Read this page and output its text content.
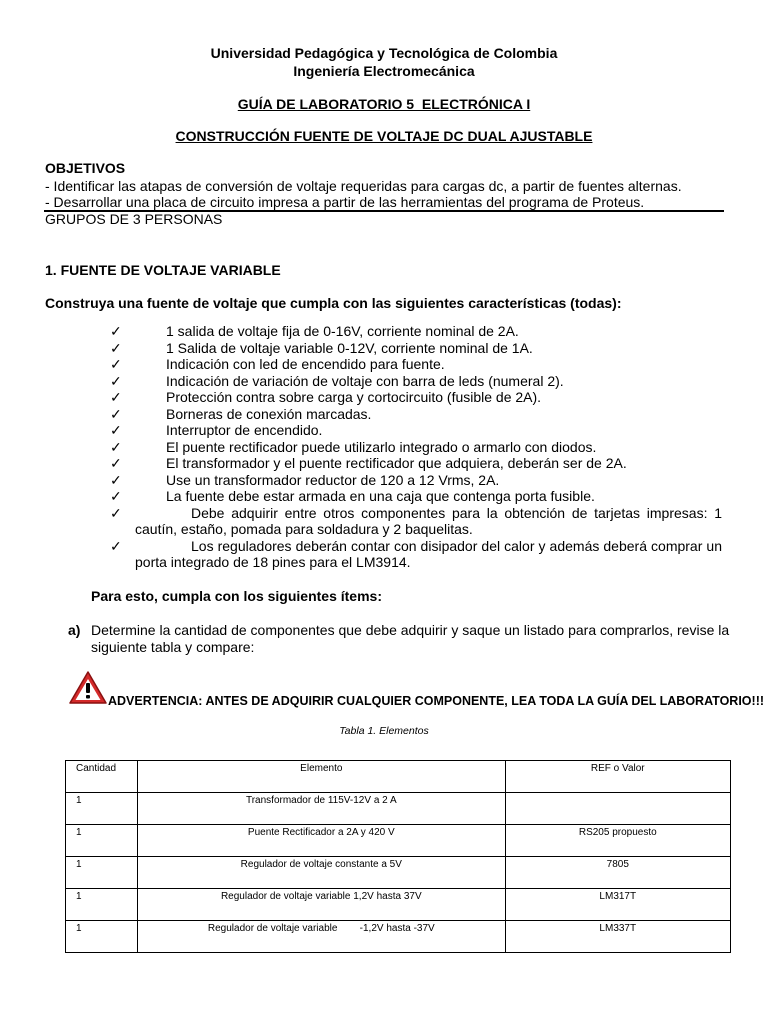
Universidad Pedagógica y Tecnológica de Colombia
Ingeniería Electromecánica
GUÍA DE LABORATORIO 5  ELECTRÓNICA I
CONSTRUCCIÓN FUENTE DE VOLTAJE DC DUAL AJUSTABLE
OBJETIVOS
- Identificar las atapas de conversión de voltaje requeridas para cargas dc, a partir de fuentes alternas.
- Desarrollar una placa de circuito impresa a partir de las herramientas del programa de Proteus.
GRUPOS DE 3 PERSONAS
1. FUENTE DE VOLTAJE VARIABLE
Construya una fuente de voltaje que cumpla con las siguientes características (todas):
✓	1 salida de voltaje fija de 0-16V, corriente nominal de 2A.
✓	1 Salida de voltaje variable 0-12V, corriente nominal de 1A.
✓	Indicación con led de encendido para fuente.
✓	Indicación de variación de voltaje con barra de leds (numeral 2).
✓	Protección contra sobre carga y cortocircuito (fusible de 2A).
✓	Borneras de conexión marcadas.
✓	Interruptor de encendido.
✓	El puente rectificador puede utilizarlo integrado o armarlo con diodos.
✓	El transformador y el puente rectificador que adquiera, deberán ser de 2A.
✓	Use un transformador reductor de 120 a 12 Vrms, 2A.
✓	La fuente debe estar armada en una caja que contenga porta fusible.
✓	Debe adquirir entre otros componentes para la obtención de tarjetas impresas: 1 cautín, estaño, pomada para soldadura y 2 baquelitas.
✓	Los reguladores deberán contar con disipador del calor y además deberá comprar un porta integrado de 18 pines para el LM3914.
Para esto, cumpla con los siguientes ítems:
a) Determine la cantidad de componentes que debe adquirir y saque un listado para comprarlos, revise la
siguiente tabla y compare:
ADVERTENCIA: ANTES DE ADQUIRIR CUALQUIER COMPONENTE, LEA TODA LA GUÍA DEL LABORATORIO!!!
Tabla 1. Elementos
Cantidad	Elemento	REF o Valor
1	Transformador de 115V-12V a 2 A	
1	Puente Rectificador a 2A y 420 V	RS205 propuesto
1	Regulador de voltaje constante a 5V	7805
1	Regulador de voltaje variable 1,2V hasta 37V	LM317T
1	Regulador de voltaje variable        -1,2V hasta -37V	LM337T
